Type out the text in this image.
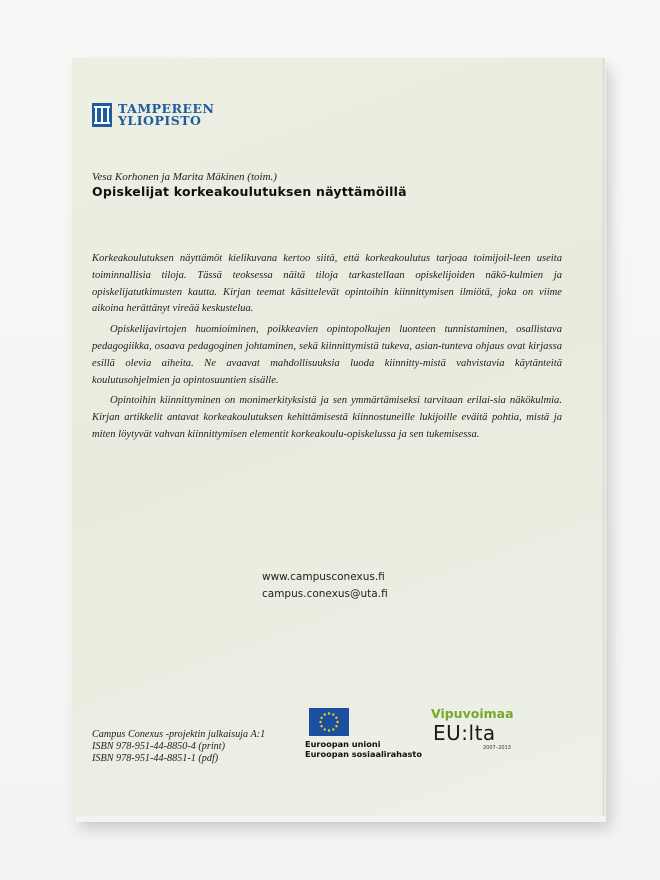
TAMPEREEN
YLIOPISTO
Vesa Korhonen ja Marita Mäkinen (toim.)
Opiskelijat korkeakoulutuksen näyttämöillä

Korkeakoulutuksen näyttämöt kielikuvana kertoo siitä, että korkeakoulutus tarjoaa toimijoil-leen useita toiminnallisia tiloja. Tässä teoksessa näitä tiloja tarkastellaan opiskelijoiden näkö-kulmien ja opiskelijatutkimusten kautta. Kirjan teemat käsittelevät opintoihin kiinnittymisen ilmiötä, joka on viime aikoina herättänyt vireää keskustelua.

Opiskelijavirtojen huomioiminen, poikkeavien opintopolkujen luonteen tunnistaminen, osallistava pedagogiikka, osaava pedagoginen johtaminen, sekä kiinnittymistä tukeva, asian-tunteva ohjaus ovat kirjassa esillä olevia aiheita. Ne avaavat mahdollisuuksia luoda kiinnitty-mistä vahvistavia käytänteitä koulutusohjelmien ja opintosuuntien sisälle.

Opintoihin kiinnittyminen on monimerkityksistä ja sen ymmärtämiseksi tarvitaan erilai-sia näkökulmia. Kirjan artikkelit antavat korkeakoulutuksen kehittämisestä kiinnostuneille lukijoille eväitä pohtia, mistä ja miten löytyvät vahvan kiinnittymisen elementit korkeakoulu-opiskelussa ja sen tukemisessa.

www.campusconexus.fi
campus.conexus@uta.fi
Campus Conexus -projektin julkaisuja A:1
ISBN 978-951-44-8850-4 (print)
ISBN 978-951-44-8851-1 (pdf)
Euroopan unioni
Euroopan sosiaalirahasto
Vipuvoimaa
EU:lta
2007–2013
